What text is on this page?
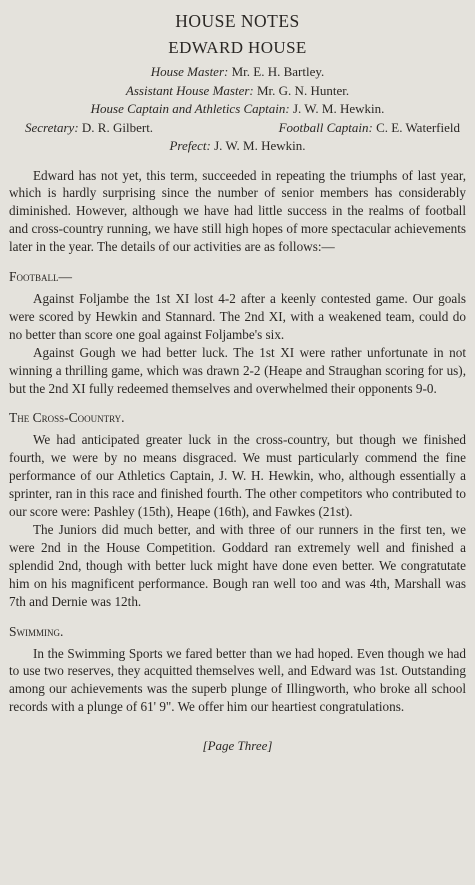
HOUSE NOTES
EDWARD HOUSE
House Master: Mr. E. H. Bartley.
Assistant House Master: Mr. G. N. Hunter.
House Captain and Athletics Captain: J. W. M. Hewkin.
Secretary: D. R. Gilbert.	Football Captain: C. E. Waterfield
Prefect: J. W. M. Hewkin.

Edward has not yet, this term, succeeded in repeating the triumphs of last year, which is hardly surprising since the number of senior members has considerably diminished. However, although we have had little success in the realms of football and cross-country running, we have still high hopes of more spectacular achievements later in the year. The details of our activities are as follows:—

Football—

Against Foljambe the 1st XI lost 4-2 after a keenly contested game. Our goals were scored by Hewkin and Stannard. The 2nd XI, with a weakened team, could do no better than score one goal against Foljambe's six.

Against Gough we had better luck. The 1st XI were rather unfortunate in not winning a thrilling game, which was drawn 2-2 (Heape and Straughan scoring for us), but the 2nd XI fully redeemed themselves and overwhelmed their opponents 9-0.

The Cross-Coountry.

We had anticipated greater luck in the cross-country, but though we finished fourth, we were by no means disgraced. We must particularly commend the fine performance of our Athletics Captain, J. W. H. Hewkin, who, although essentially a sprinter, ran in this race and finished fourth. The other competitors who contributed to our score were: Pashley (15th), Heape (16th), and Fawkes (21st).

The Juniors did much better, and with three of our runners in the first ten, we were 2nd in the House Competition. Goddard ran extremely well and finished a splendid 2nd, though with better luck might have done even better. We congratutate him on his magnificent performance. Bough ran well too and was 4th, Marshall was 7th and Dernie was 12th.

Swimming.

In the Swimming Sports we fared better than we had hoped. Even though we had to use two reserves, they acquitted themselves well, and Edward was 1st. Outstanding among our achievements was the superb plunge of Illingworth, who broke all school records with a plunge of 61' 9". We offer him our heartiest congratulations.

[Page Three]
